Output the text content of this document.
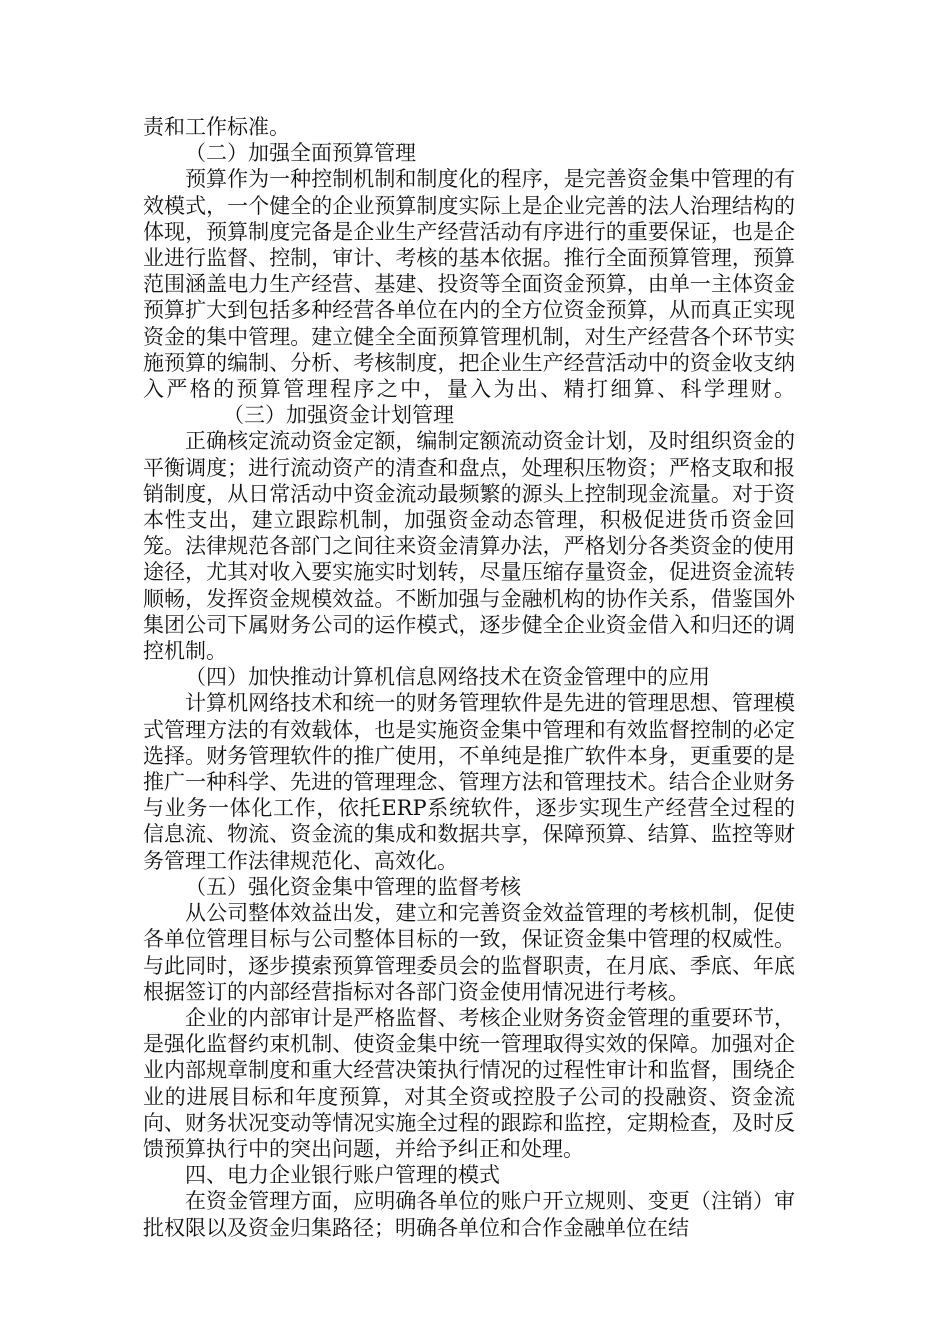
责和工作标准。

（二）加强全面预算管理

预算作为一种控制机制和制度化的程序，是完善资金集中管理的有效模式，一个健全的企业预算制度实际上是企业完善的法人治理结构的体现，预算制度完备是企业生产经营活动有序进行的重要保证，也是企业进行监督、控制，审计、考核的基本依据。推行全面预算管理，预算范围涵盖电力生产经营、基建、投资等全面资金预算，由单一主体资金预算扩大到包括多种经营各单位在内的全方位资金预算，从而真正实现资金的集中管理。建立健全全面预算管理机制，对生产经营各个环节实施预算的编制、分析、考核制度，把企业生产经营活动中的资金收支纳入严格的预算管理程序之中，量入为出、精打细算、科学理财。（三）加强资金计划管理

正确核定流动资金定额，编制定额流动资金计划，及时组织资金的平衡调度；进行流动资产的清查和盘点，处理积压物资；严格支取和报销制度，从日常活动中资金流动最频繁的源头上控制现金流量。对于资本性支出，建立跟踪机制，加强资金动态管理，积极促进货币资金回笼。法律规范各部门之间往来资金清算办法，严格划分各类资金的使用途径，尤其对收入要实施实时划转，尽量压缩存量资金，促进资金流转顺畅，发挥资金规模效益。不断加强与金融机构的协作关系，借鉴国外集团公司下属财务公司的运作模式，逐步健全企业资金借入和归还的调控机制。

（四）加快推动计算机信息网络技术在资金管理中的应用

计算机网络技术和统一的财务管理软件是先进的管理思想、管理模式管理方法的有效载体，也是实施资金集中管理和有效监督控制的必定选择。财务管理软件的推广使用，不单纯是推广软件本身，更重要的是推广一种科学、先进的管理理念、管理方法和管理技术。结合企业财务与业务一体化工作，依托ERP系统软件，逐步实现生产经营全过程的信息流、物流、资金流的集成和数据共享，保障预算、结算、监控等财务管理工作法律规范化、高效化。

（五）强化资金集中管理的监督考核

从公司整体效益出发，建立和完善资金效益管理的考核机制，促使各单位管理目标与公司整体目标的一致，保证资金集中管理的权威性。与此同时，逐步摸索预算管理委员会的监督职责，在月底、季底、年底根据签订的内部经营指标对各部门资金使用情况进行考核。

企业的内部审计是严格监督、考核企业财务资金管理的重要环节，是强化监督约束机制、使资金集中统一管理取得实效的保障。加强对企业内部规章制度和重大经营决策执行情况的过程性审计和监督，围绕企业的进展目标和年度预算，对其全资或控股子公司的投融资、资金流向、财务状况变动等情况实施全过程的跟踪和监控，定期检查，及时反馈预算执行中的突出问题，并给予纠正和处理。

四、电力企业银行账户管理的模式

在资金管理方面，应明确各单位的账户开立规则、变更（注销）审批权限以及资金归集路径；明确各单位和合作金融单位在结
